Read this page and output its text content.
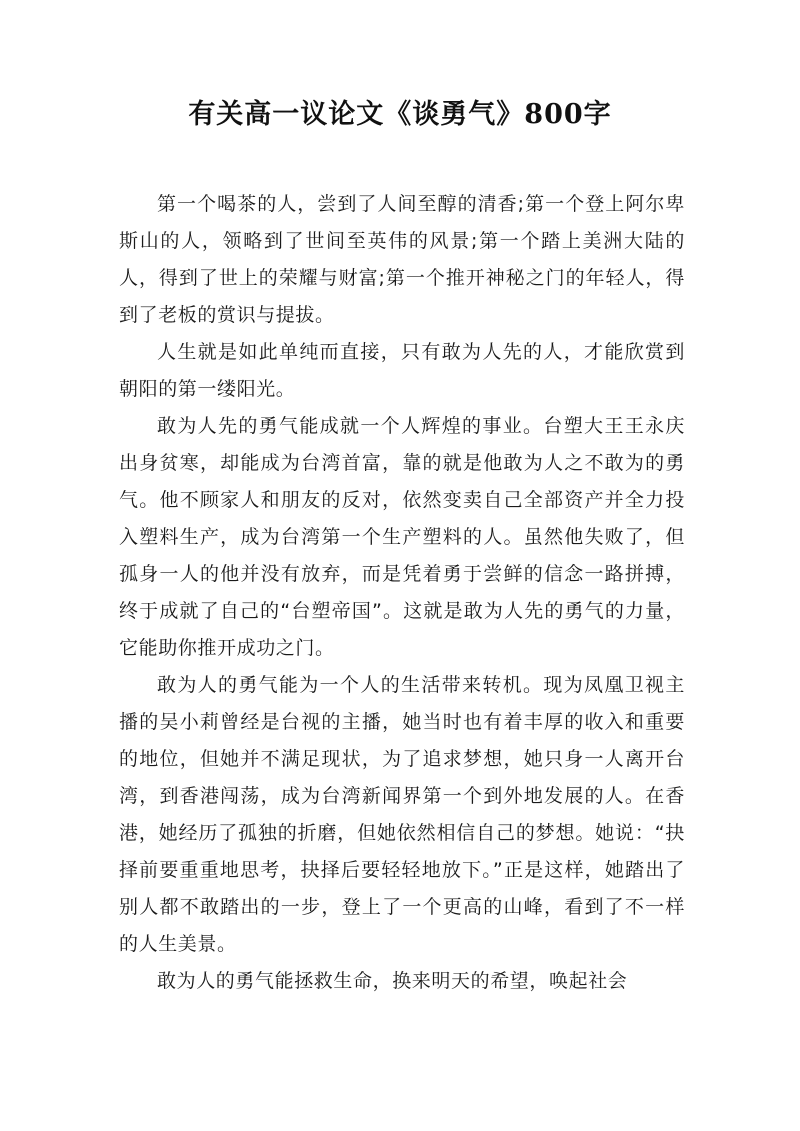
有关高一议论文《谈勇气》800字

第一个喝茶的人，尝到了人间至醇的清香;第一个登上阿尔卑斯山的人，领略到了世间至英伟的风景;第一个踏上美洲大陆的人，得到了世上的荣耀与财富;第一个推开神秘之门的年轻人，得到了老板的赏识与提拔。

人生就是如此单纯而直接，只有敢为人先的人，才能欣赏到朝阳的第一缕阳光。

敢为人先的勇气能成就一个人辉煌的事业。台塑大王王永庆出身贫寒，却能成为台湾首富，靠的就是他敢为人之不敢为的勇气。他不顾家人和朋友的反对，依然变卖自己全部资产并全力投入塑料生产，成为台湾第一个生产塑料的人。虽然他失败了，但孤身一人的他并没有放弃，而是凭着勇于尝鲜的信念一路拼搏，终于成就了自己的“台塑帝国”。这就是敢为人先的勇气的力量，它能助你推开成功之门。

敢为人的勇气能为一个人的生活带来转机。现为凤凰卫视主播的吴小莉曾经是台视的主播，她当时也有着丰厚的收入和重要的地位，但她并不满足现状，为了追求梦想，她只身一人离开台湾，到香港闯荡，成为台湾新闻界第一个到外地发展的人。在香港，她经历了孤独的折磨，但她依然相信自己的梦想。她说：“抉择前要重重地思考，抉择后要轻轻地放下。”正是这样，她踏出了别人都不敢踏出的一步，登上了一个更高的山峰，看到了不一样的人生美景。

敢为人的勇气能拯救生命，换来明天的希望，唤起社会
